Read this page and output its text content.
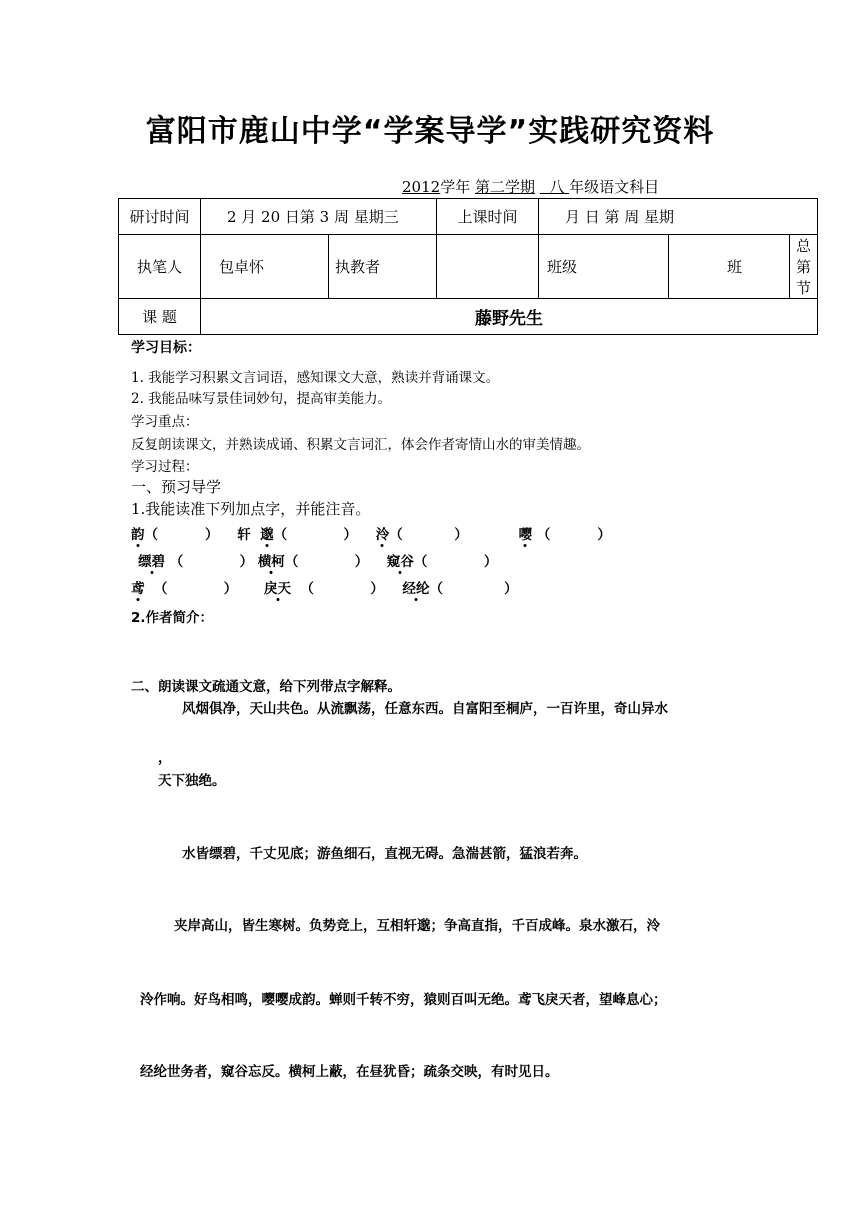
富阳市鹿山中学“学案导学”实践研究资料
2012学年 第二学期 八 年级语文科目
研讨时间	2 月 20 日第 3 周 星期三		上课时间	月 日 第 周 星期		
执笔人	包卓怀	执教者		班级	班	总第 节
课 题	藤野先生					
学习目标：
1. 我能学习积累文言词语，感知课文大意，熟读并背诵课文。
2. 我能品味写景佳词妙句，提高审美能力。
学习重点：
反复朗读课文，并熟读成诵、积累文言词汇，体会作者寄情山水的审美情趣。
学习过程：
一、预习导学
1.我能读准下列加点字，并能注音。
韵（          ） 轩 邈（            ） 泠（           ）	嘤 （          ）
缥碧 （            ） 横柯（            ） 窥谷（            ）
鸢 （            ） 戾天 （            ） 经纶（             ）
2.作者简介：
二、朗读课文疏通文意，给下列带点字解释。
风烟俱净，天山共色。从流飘荡，任意东西。自富阳至桐庐，一百许里，奇山异水
，
天下独绝。
水皆缥碧，千丈见底；游鱼细石，直视无碍。急湍甚箭，猛浪若奔。
夹岸高山，皆生寒树。负势竞上，互相轩邈；争高直指，千百成峰。泉水激石，泠
泠作响。好鸟相鸣，嘤嘤成韵。蝉则千转不穷，猿则百叫无绝。鸢飞戾天者，望峰息心；
经纶世务者，窥谷忘反。横柯上蔽，在昼犹昏；疏条交映，有时见日。
